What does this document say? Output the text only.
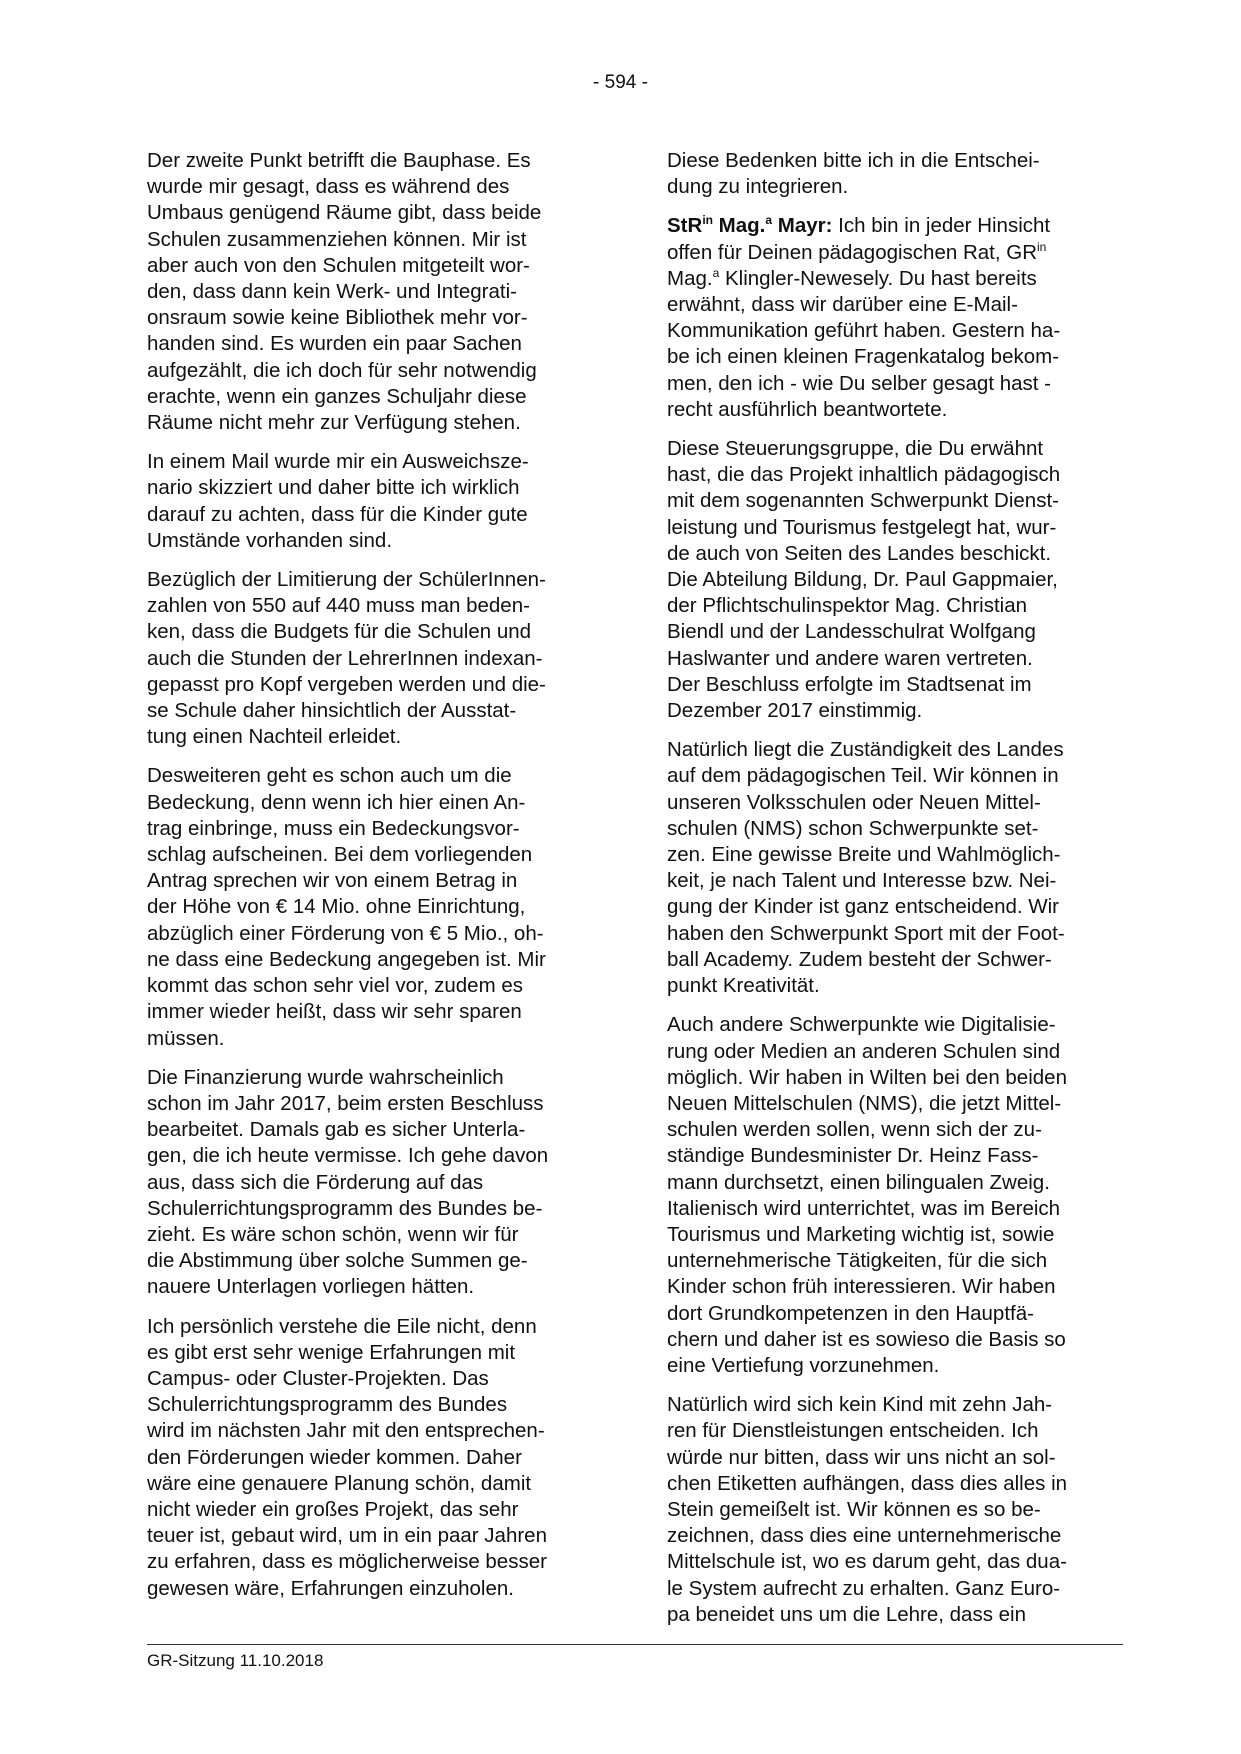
- 594 -

Der zweite Punkt betrifft die Bauphase. Es
wurde mir gesagt, dass es während des
Umbaus genügend Räume gibt, dass beide
Schulen zusammenziehen können. Mir ist
aber auch von den Schulen mitgeteilt wor-
den, dass dann kein Werk- und Integrati-
onsraum sowie keine Bibliothek mehr vor-
handen sind. Es wurden ein paar Sachen
aufgezählt, die ich doch für sehr notwendig
erachte, wenn ein ganzes Schuljahr diese
Räume nicht mehr zur Verfügung stehen.

In einem Mail wurde mir ein Ausweichsze-
nario skizziert und daher bitte ich wirklich
darauf zu achten, dass für die Kinder gute
Umstände vorhanden sind.

Bezüglich der Limitierung der SchülerInnen-
zahlen von 550 auf 440 muss man beden-
ken, dass die Budgets für die Schulen und
auch die Stunden der LehrerInnen indexan-
gepasst pro Kopf vergeben werden und die-
se Schule daher hinsichtlich der Ausstat-
tung einen Nachteil erleidet.

Desweiteren geht es schon auch um die
Bedeckung, denn wenn ich hier einen An-
trag einbringe, muss ein Bedeckungsvor-
schlag aufscheinen. Bei dem vorliegenden
Antrag sprechen wir von einem Betrag in
der Höhe von € 14 Mio. ohne Einrichtung,
abzüglich einer Förderung von € 5 Mio., oh-
ne dass eine Bedeckung angegeben ist. Mir
kommt das schon sehr viel vor, zudem es
immer wieder heißt, dass wir sehr sparen
müssen.

Die Finanzierung wurde wahrscheinlich
schon im Jahr 2017, beim ersten Beschluss
bearbeitet. Damals gab es sicher Unterla-
gen, die ich heute vermisse. Ich gehe davon
aus, dass sich die Förderung auf das
Schulerrichtungsprogramm des Bundes be-
zieht. Es wäre schon schön, wenn wir für
die Abstimmung über solche Summen ge-
nauere Unterlagen vorliegen hätten.

Ich persönlich verstehe die Eile nicht, denn
es gibt erst sehr wenige Erfahrungen mit
Campus- oder Cluster-Projekten. Das
Schulerrichtungsprogramm des Bundes
wird im nächsten Jahr mit den entsprechen-
den Förderungen wieder kommen. Daher
wäre eine genauere Planung schön, damit
nicht wieder ein großes Projekt, das sehr
teuer ist, gebaut wird, um in ein paar Jahren
zu erfahren, dass es möglicherweise besser
gewesen wäre, Erfahrungen einzuholen.

Diese Bedenken bitte ich in die Entschei-
dung zu integrieren.

StR$^{in}$ Mag.$^a$ Mayr: Ich bin in jeder Hinsicht
offen für Deinen pädagogischen Rat, $GR^{in}$
Mag.$^a$ Klingler-Newesely. Du hast bereits
erwähnt, dass wir darüber eine E-Mail-
Kommunikation geführt haben. Gestern ha-
be ich einen kleinen Fragenkatalog bekom-
men, den ich - wie Du selber gesagt hast -
recht ausführlich beantwortete.

Diese Steuerungsgruppe, die Du erwähnt
hast, die das Projekt inhaltlich pädagogisch
mit dem sogenannten Schwerpunkt Dienst-
leistung und Tourismus festgelegt hat, wur-
de auch von Seiten des Landes beschickt.
Die Abteilung Bildung, Dr. Paul Gappmaier,
der Pflichtschulinspektor Mag. Christian
Biendl und der Landesschulrat Wolfgang
Haslwanter und andere waren vertreten.
Der Beschluss erfolgte im Stadtsenat im
Dezember 2017 einstimmig.

Natürlich liegt die Zuständigkeit des Landes
auf dem pädagogischen Teil. Wir können in
unseren Volksschulen oder Neuen Mittel-
schulen (NMS) schon Schwerpunkte set-
zen. Eine gewisse Breite und Wahlmöglich-
keit, je nach Talent und Interesse bzw. Nei-
gung der Kinder ist ganz entscheidend. Wir
haben den Schwerpunkt Sport mit der Foot-
ball Academy. Zudem besteht der Schwer-
punkt Kreativität.

Auch andere Schwerpunkte wie Digitalisie-
rung oder Medien an anderen Schulen sind
möglich. Wir haben in Wilten bei den beiden
Neuen Mittelschulen (NMS), die jetzt Mittel-
schulen werden sollen, wenn sich der zu-
ständige Bundesminister Dr. Heinz Fass-
mann durchsetzt, einen bilingualen Zweig.
Italienisch wird unterrichtet, was im Bereich
Tourismus und Marketing wichtig ist, sowie
unternehmerische Tätigkeiten, für die sich
Kinder schon früh interessieren. Wir haben
dort Grundkompetenzen in den Hauptfä-
chern und daher ist es sowieso die Basis so
eine Vertiefung vorzunehmen.

Natürlich wird sich kein Kind mit zehn Jah-
ren für Dienstleistungen entscheiden. Ich
würde nur bitten, dass wir uns nicht an sol-
chen Etiketten aufhängen, dass dies alles in
Stein gemeißelt ist. Wir können es so be-
zeichnen, dass dies eine unternehmerische
Mittelschule ist, wo es darum geht, das dua-
le System aufrecht zu erhalten. Ganz Euro-
pa beneidet uns um die Lehre, dass ein

GR-Sitzung 11.10.2018
